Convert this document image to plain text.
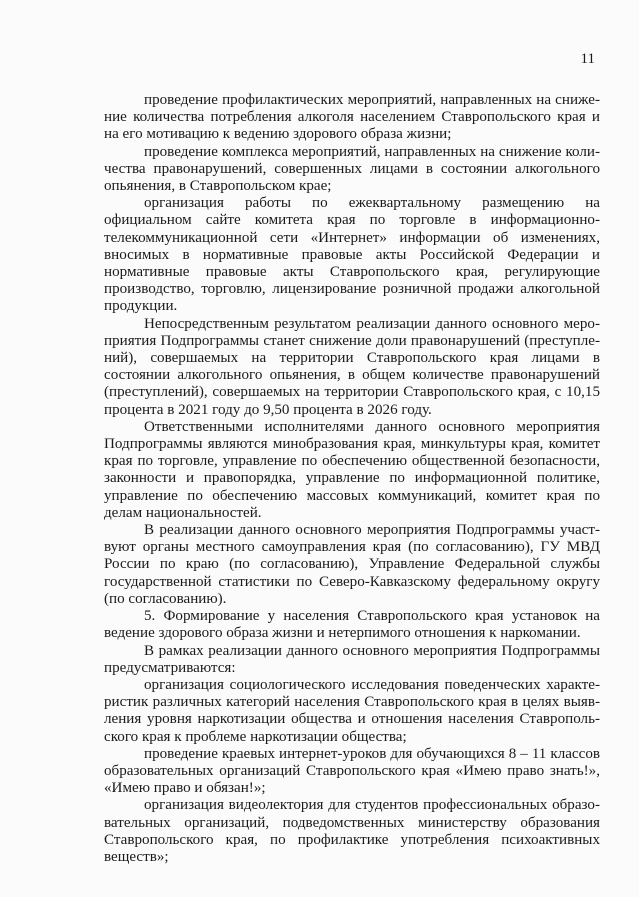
11

проведение профилактических мероприятий, направленных на снижение количества потребления алкоголя населением Ставропольского края и на его мотивацию к ведению здорового образа жизни;

проведение комплекса мероприятий, направленных на снижение количества правонарушений, совершенных лицами в состоянии алкогольного опьянения, в Ставропольском крае;

организация работы по ежеквартальному размещению на официальном сайте комитета края по торговле в информационно-телекоммуникационной сети «Интернет» информации об изменениях, вносимых в нормативные правовые акты Российской Федерации и нормативные правовые акты Ставропольского края, регулирующие производство, торговлю, лицензирование розничной продажи алкогольной продукции.

Непосредственным результатом реализации данного основного мероприятия Подпрограммы станет снижение доли правонарушений (преступлений), совершаемых на территории Ставропольского края лицами в состоянии алкогольного опьянения, в общем количестве правонарушений (преступлений), совершаемых на территории Ставропольского края, с 10,15 процента в 2021 году до 9,50 процента в 2026 году.

Ответственными исполнителями данного основного мероприятия Подпрограммы являются минобразования края, минкультуры края, комитет края по торговле, управление по обеспечению общественной безопасности, законности и правопорядка, управление по информационной политике, управление по обеспечению массовых коммуникаций, комитет края по делам национальностей.

В реализации данного основного мероприятия Подпрограммы участвуют органы местного самоуправления края (по согласованию), ГУ МВД России по краю (по согласованию), Управление Федеральной службы государственной статистики по Северо-Кавказскому федеральному округу (по согласованию).

5. Формирование у населения Ставропольского края установок на ведение здорового образа жизни и нетерпимого отношения к наркомании.

В рамках реализации данного основного мероприятия Подпрограммы предусматриваются:

организация социологического исследования поведенческих характеристик различных категорий населения Ставропольского края в целях выявления уровня наркотизации общества и отношения населения Ставропольского края к проблеме наркотизации общества;

проведение краевых интернет-уроков для обучающихся 8 – 11 классов образовательных организаций Ставропольского края «Имею право знать!», «Имею право и обязан!»;

организация видеолектория для студентов профессиональных образовательных организаций, подведомственных министерству образования Ставропольского края, по профилактике употребления психоактивных веществ»;
